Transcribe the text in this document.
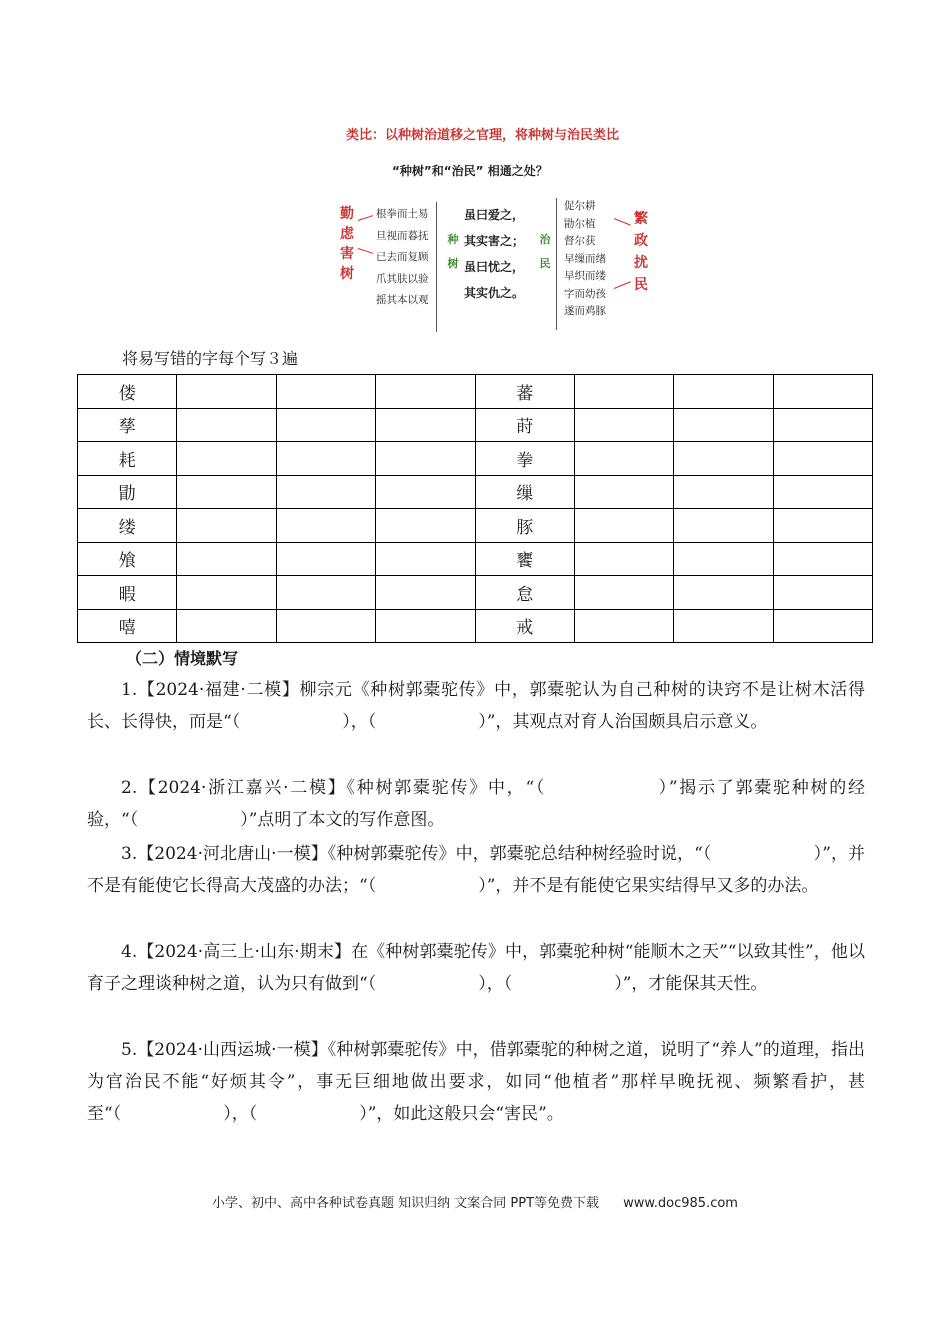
类比：以种树治道移之官理，将种树与治民类比
“种树”和“治民” 相通之处？
勤
虑
害
树
根拳而土易
旦视而暮抚
已去而复顾
爪其肤以验
摇其本以观
种
树
虽曰爱之，
其实害之；
虽曰忧之，
其实仇之。
治
民
促尔耕
勖尔植
督尔获
早缫而绪
早织而缕
字而幼孩
遂而鸡豚
繁
政
扰
民
将易写错的字每个写３遍
偻				蕃			
孳				莳			
耗				拳			
勖				缫			
缕				豚			
飧				饔			
暇				怠			
嘻				戒			
（二）情境默写

1.【2024·福建·二模】柳宗元《种树郭橐驼传》中，郭橐驼认为自己种树的诀窍不是让树木活得长、长得快，而是“（　　　　　　），（　　　　　　）”，其观点对育人治国颇具启示意义。

2.【2024·浙江嘉兴·二模】《种树郭橐驼传》中，“（　　　　　　）”揭示了郭橐驼种树的经验，“（　　　　　　）”点明了本文的写作意图。

3.【2024·河北唐山·一模】《种树郭橐驼传》中，郭橐驼总结种树经验时说，“（　　　　　　）”，并不是有能使它长得高大茂盛的办法；“（　　　　　　）”，并不是有能使它果实结得早又多的办法。

4.【2024·高三上·山东·期末】在《种树郭橐驼传》中，郭橐驼种树“能顺木之天”“以致其性”，他以育子之理谈种树之道，认为只有做到“（　　　　　　），（　　　　　　）”，才能保其天性。

5.【2024·山西运城·一模】《种树郭橐驼传》中，借郭橐驼的种树之道，说明了“养人”的道理，指出为官治民不能“好烦其令”，事无巨细地做出要求，如同“他植者”那样早晚抚视、频繁看护，甚至“（　　　　　　），（　　　　　　）”，如此这般只会“害民”。

小学、初中、高中各种试卷真题 知识归纳 文案合同 PPT等免费下载 www.doc985.com
